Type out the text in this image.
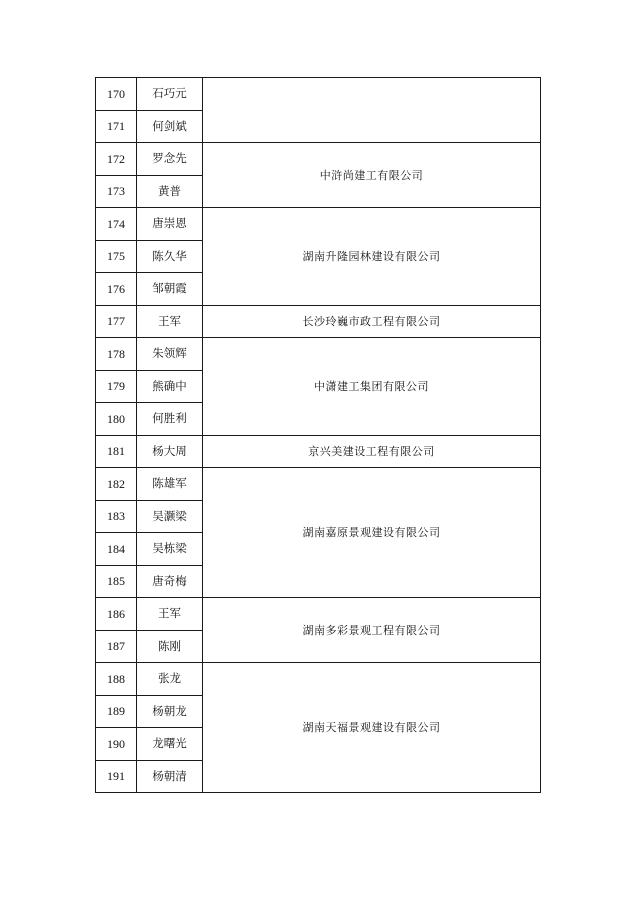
170	石巧元	
171	何剑斌	
172	罗念先	中浒尚建工有限公司
173	黄普	
174	唐崇恩	湖南升隆园林建设有限公司
175	陈久华	
176	邹朝霞	
177	王军	长沙玲巍市政工程有限公司
178	朱领辉	中潇建工集团有限公司
179	熊确中	
180	何胜利	
181	杨大周	京兴美建设工程有限公司
182	陈雄军	湖南嘉原景观建设有限公司
183	吴灏梁	
184	吴栋梁	
185	唐奇梅	
186	王军	湖南多彩景观工程有限公司
187	陈刚	
188	张龙	湖南天福景观建设有限公司
189	杨朝龙	
190	龙曙光	
191	杨朝清	
